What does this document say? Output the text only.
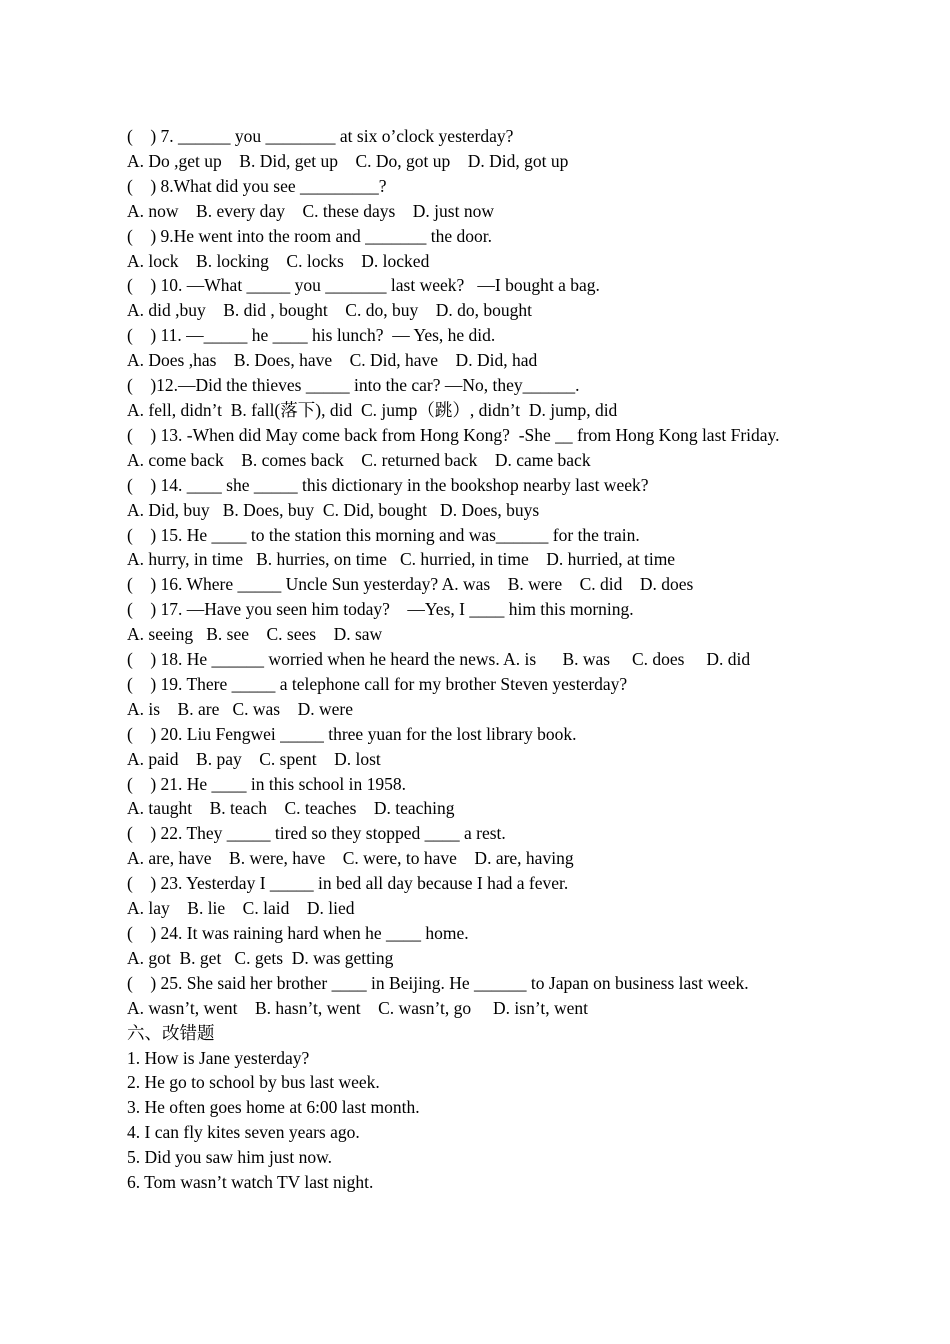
(    ) 7. ______ you ________ at six o’clock yesterday?
A. Do ,get up    B. Did, get up    C. Do, got up    D. Did, got up
(    ) 8.What did you see _________?
A. now    B. every day    C. these days    D. just now
(    ) 9.He went into the room and _______ the door.
A. lock    B. locking    C. locks    D. locked
(    ) 10. —What _____ you _______ last week?   —I bought a bag.
A. did ,buy    B. did , bought    C. do, buy    D. do, bought
(    ) 11. —_____ he ____ his lunch?  — Yes, he did.
A. Does ,has    B. Does, have    C. Did, have    D. Did, had
(    )12.—Did the thieves _____ into the car? —No, they______.
A. fell, didn’t  B. fall(落下), did  C. jump（跳）, didn’t  D. jump, did
(    ) 13. -When did May come back from Hong Kong?  -She __ from Hong Kong last Friday.
A. come back    B. comes back    C. returned back    D. came back
(    ) 14. ____ she _____ this dictionary in the bookshop nearby last week?
A. Did, buy   B. Does, buy  C. Did, bought   D. Does, buys
(    ) 15. He ____ to the station this morning and was______ for the train.
A. hurry, in time   B. hurries, on time   C. hurried, in time    D. hurried, at time
(    ) 16. Where _____ Uncle Sun yesterday? A. was    B. were    C. did    D. does
(    ) 17. —Have you seen him today?    —Yes, I ____ him this morning.
A. seeing   B. see    C. sees    D. saw
(    ) 18. He ______ worried when he heard the news. A. is      B. was     C. does     D. did
(    ) 19. There _____ a telephone call for my brother Steven yesterday?
A. is    B. are   C. was    D. were
(    ) 20. Liu Fengwei _____ three yuan for the lost library book.
A. paid    B. pay    C. spent    D. lost
(    ) 21. He ____ in this school in 1958.
A. taught    B. teach    C. teaches    D. teaching
(    ) 22. They _____ tired so they stopped ____ a rest.
A. are, have    B. were, have    C. were, to have    D. are, having
(    ) 23. Yesterday I _____ in bed all day because I had a fever.
A. lay    B. lie    C. laid    D. lied
(    ) 24. It was raining hard when he ____ home.
A. got  B. get   C. gets  D. was getting
(    ) 25. She said her brother ____ in Beijing. He ______ to Japan on business last week.
A. wasn’t, went    B. hasn’t, went    C. wasn’t, go     D. isn’t, went
六、改错题
1. How is Jane yesterday?
2. He go to school by bus last week.
3. He often goes home at 6:00 last month.
4. I can fly kites seven years ago.
5. Did you saw him just now.
6. Tom wasn’t watch TV last night.
